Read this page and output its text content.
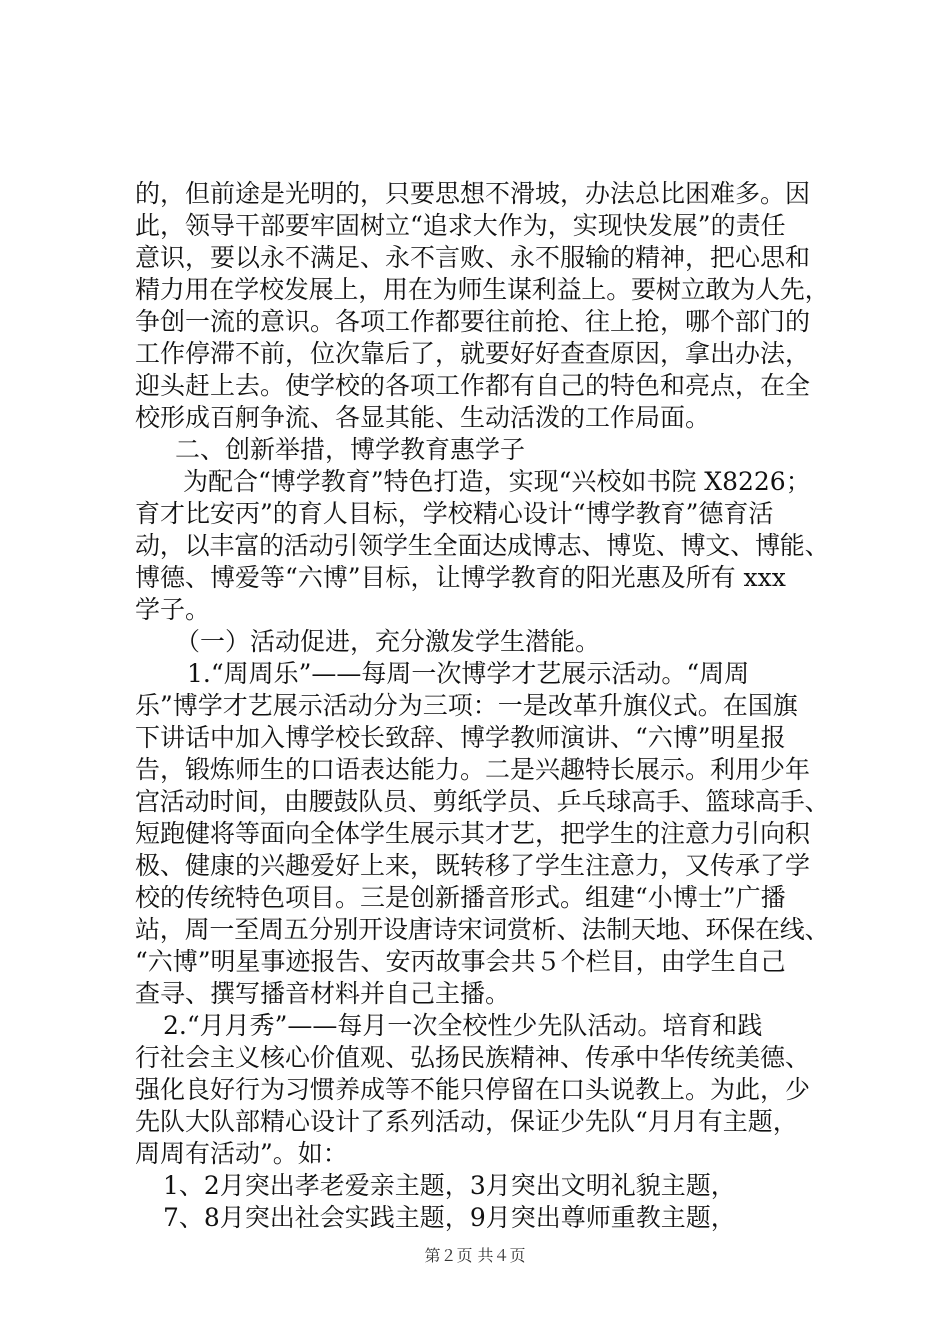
的，但前途是光明的，只要思想不滑坡，办法总比困难多。因
此，领导干部要牢固树立“追求大作为，实现快发展”的责任
意识，要以永不满足、永不言败、永不服输的精神，把心思和
精力用在学校发展上，用在为师生谋利益上。要树立敢为人先，
争创一流的意识。各项工作都要往前抢、往上抢，哪个部门的
工作停滞不前，位次靠后了，就要好好查查原因，拿出办法，
迎头赶上去。使学校的各项工作都有自己的特色和亮点，在全
校形成百舸争流、各显其能、生动活泼的工作局面。
二、创新举措，博学教育惠学子
为配合“博学教育”特色打造，实现“兴校如书院 X8226；
育才比安丙”的育人目标，学校精心设计“博学教育”德育活
动，以丰富的活动引领学生全面达成博志、博览、博文、博能、
博德、博爱等“六博”目标，让博学教育的阳光惠及所有 xxx
学子。
（一）活动促进，充分激发学生潜能。
1.“周周乐”——每周一次博学才艺展示活动。“周周
乐”博学才艺展示活动分为三项：一是改革升旗仪式。在国旗
下讲话中加入博学校长致辞、博学教师演讲、“六博”明星报
告，锻炼师生的口语表达能力。二是兴趣特长展示。利用少年
宫活动时间，由腰鼓队员、剪纸学员、乒乓球高手、篮球高手、
短跑健将等面向全体学生展示其才艺，把学生的注意力引向积
极、健康的兴趣爱好上来，既转移了学生注意力，又传承了学
校的传统特色项目。三是创新播音形式。组建“小博士”广播
站，周一至周五分别开设唐诗宋词赏析、法制天地、环保在线、
“六博”明星事迹报告、安丙故事会共５个栏目，由学生自己
查寻、撰写播音材料并自己主播。
2.“月月秀”——每月一次全校性少先队活动。培育和践
行社会主义核心价值观、弘扬民族精神、传承中华传统美德、
强化良好行为习惯养成等不能只停留在口头说教上。为此，少
先队大队部精心设计了系列活动，保证少先队“月月有主题，
周周有活动”。如：
1、2月突出孝老爱亲主题，3月突出文明礼貌主题，
7、8月突出社会实践主题，9月突出尊师重教主题，
第２页 共４页
